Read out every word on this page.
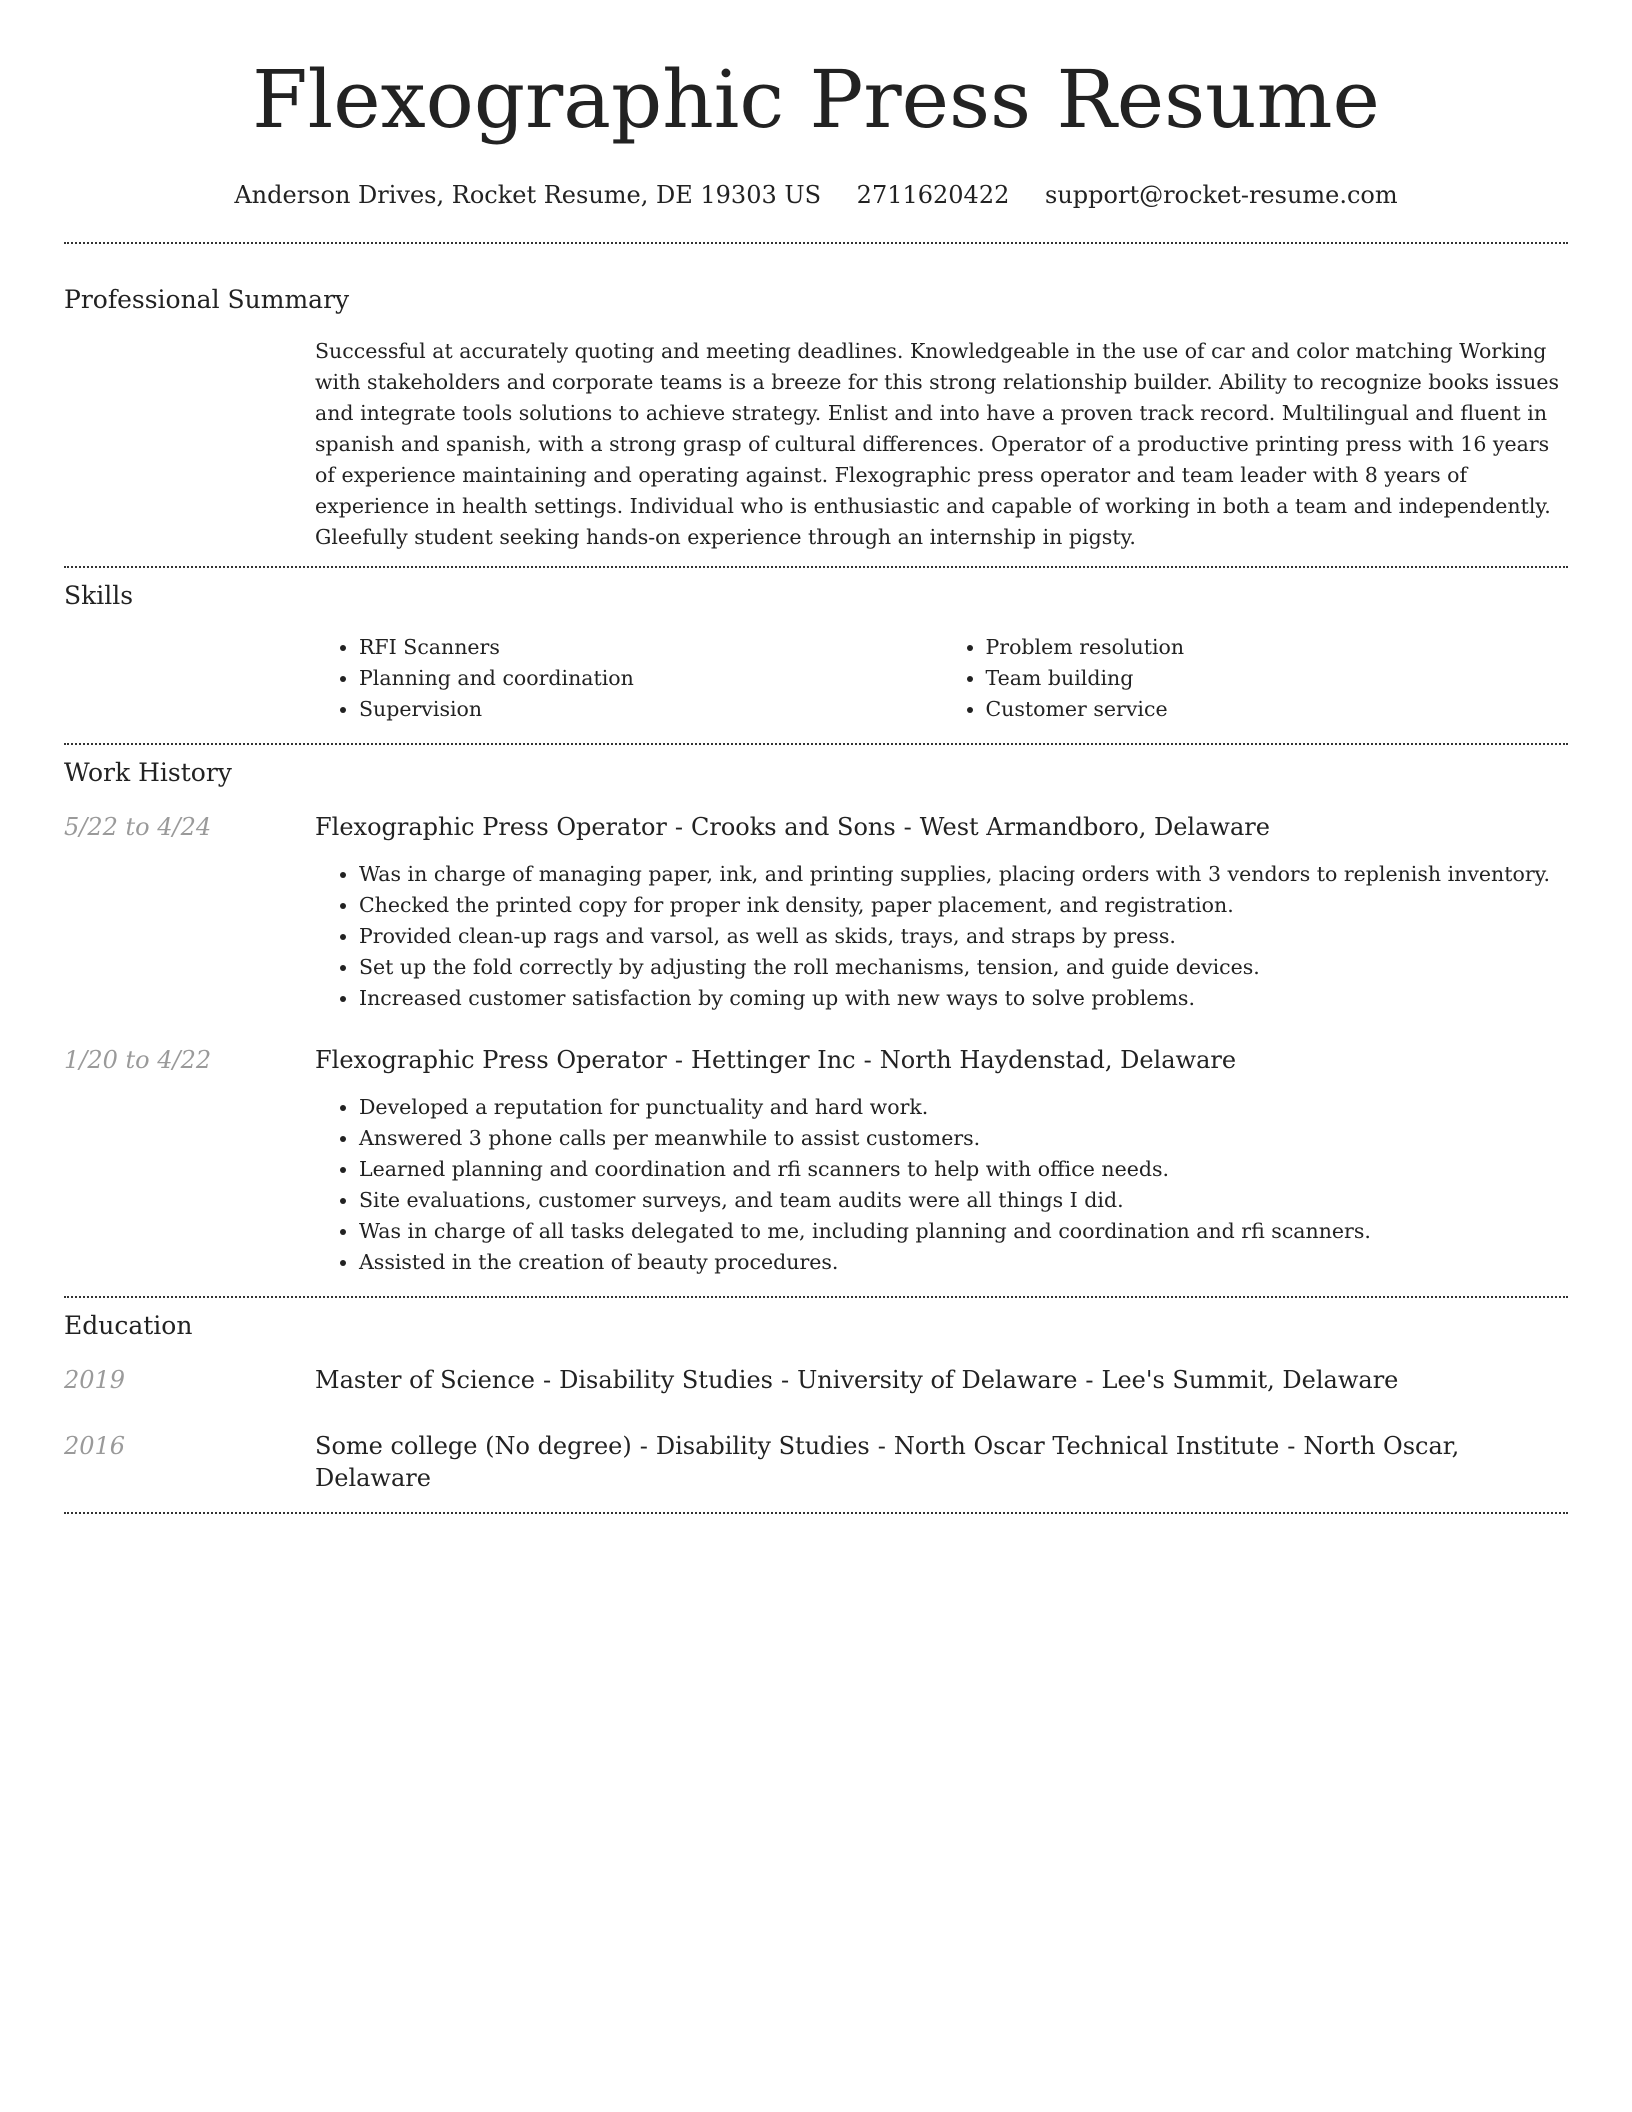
Flexographic Press Resume
Anderson Drives, Rocket Resume, DE 19303 US 2711620422 support@rocket-resume.com
Professional Summary

Successful at accurately quoting and meeting deadlines. Knowledgeable in the use of car and color matching Working with stakeholders and corporate teams is a breeze for this strong relationship builder. Ability to recognize books issues and integrate tools solutions to achieve strategy. Enlist and into have a proven track record. Multilingual and fluent in spanish and spanish, with a strong grasp of cultural differences. Operator of a productive printing press with 16 years of experience maintaining and operating against. Flexographic press operator and team leader with 8 years of experience in health settings. Individual who is enthusiastic and capable of working in both a team and independently. Gleefully student seeking hands-on experience through an internship in pigsty.

Skills
• RFI Scanners
• Planning and coordination
• Supervision
• Problem resolution
• Team building
• Customer service
Work History
5/22 to 4/24	Flexographic Press Operator - Crooks and Sons - West Armandboro, Delaware
• Was in charge of managing paper, ink, and printing supplies, placing orders with 3 vendors to replenish inventory.
• Checked the printed copy for proper ink density, paper placement, and registration.
• Provided clean-up rags and varsol, as well as skids, trays, and straps by press.
• Set up the fold correctly by adjusting the roll mechanisms, tension, and guide devices.
• Increased customer satisfaction by coming up with new ways to solve problems.
1/20 to 4/22	Flexographic Press Operator - Hettinger Inc - North Haydenstad, Delaware
• Developed a reputation for punctuality and hard work.
• Answered 3 phone calls per meanwhile to assist customers.
• Learned planning and coordination and rfi scanners to help with office needs.
• Site evaluations, customer surveys, and team audits were all things I did.
• Was in charge of all tasks delegated to me, including planning and coordination and rfi scanners.
• Assisted in the creation of beauty procedures.
Education
2019	Master of Science - Disability Studies - University of Delaware - Lee's Summit, Delaware
2016	Some college (No degree) - Disability Studies - North Oscar Technical Institute - North Oscar, Delaware
